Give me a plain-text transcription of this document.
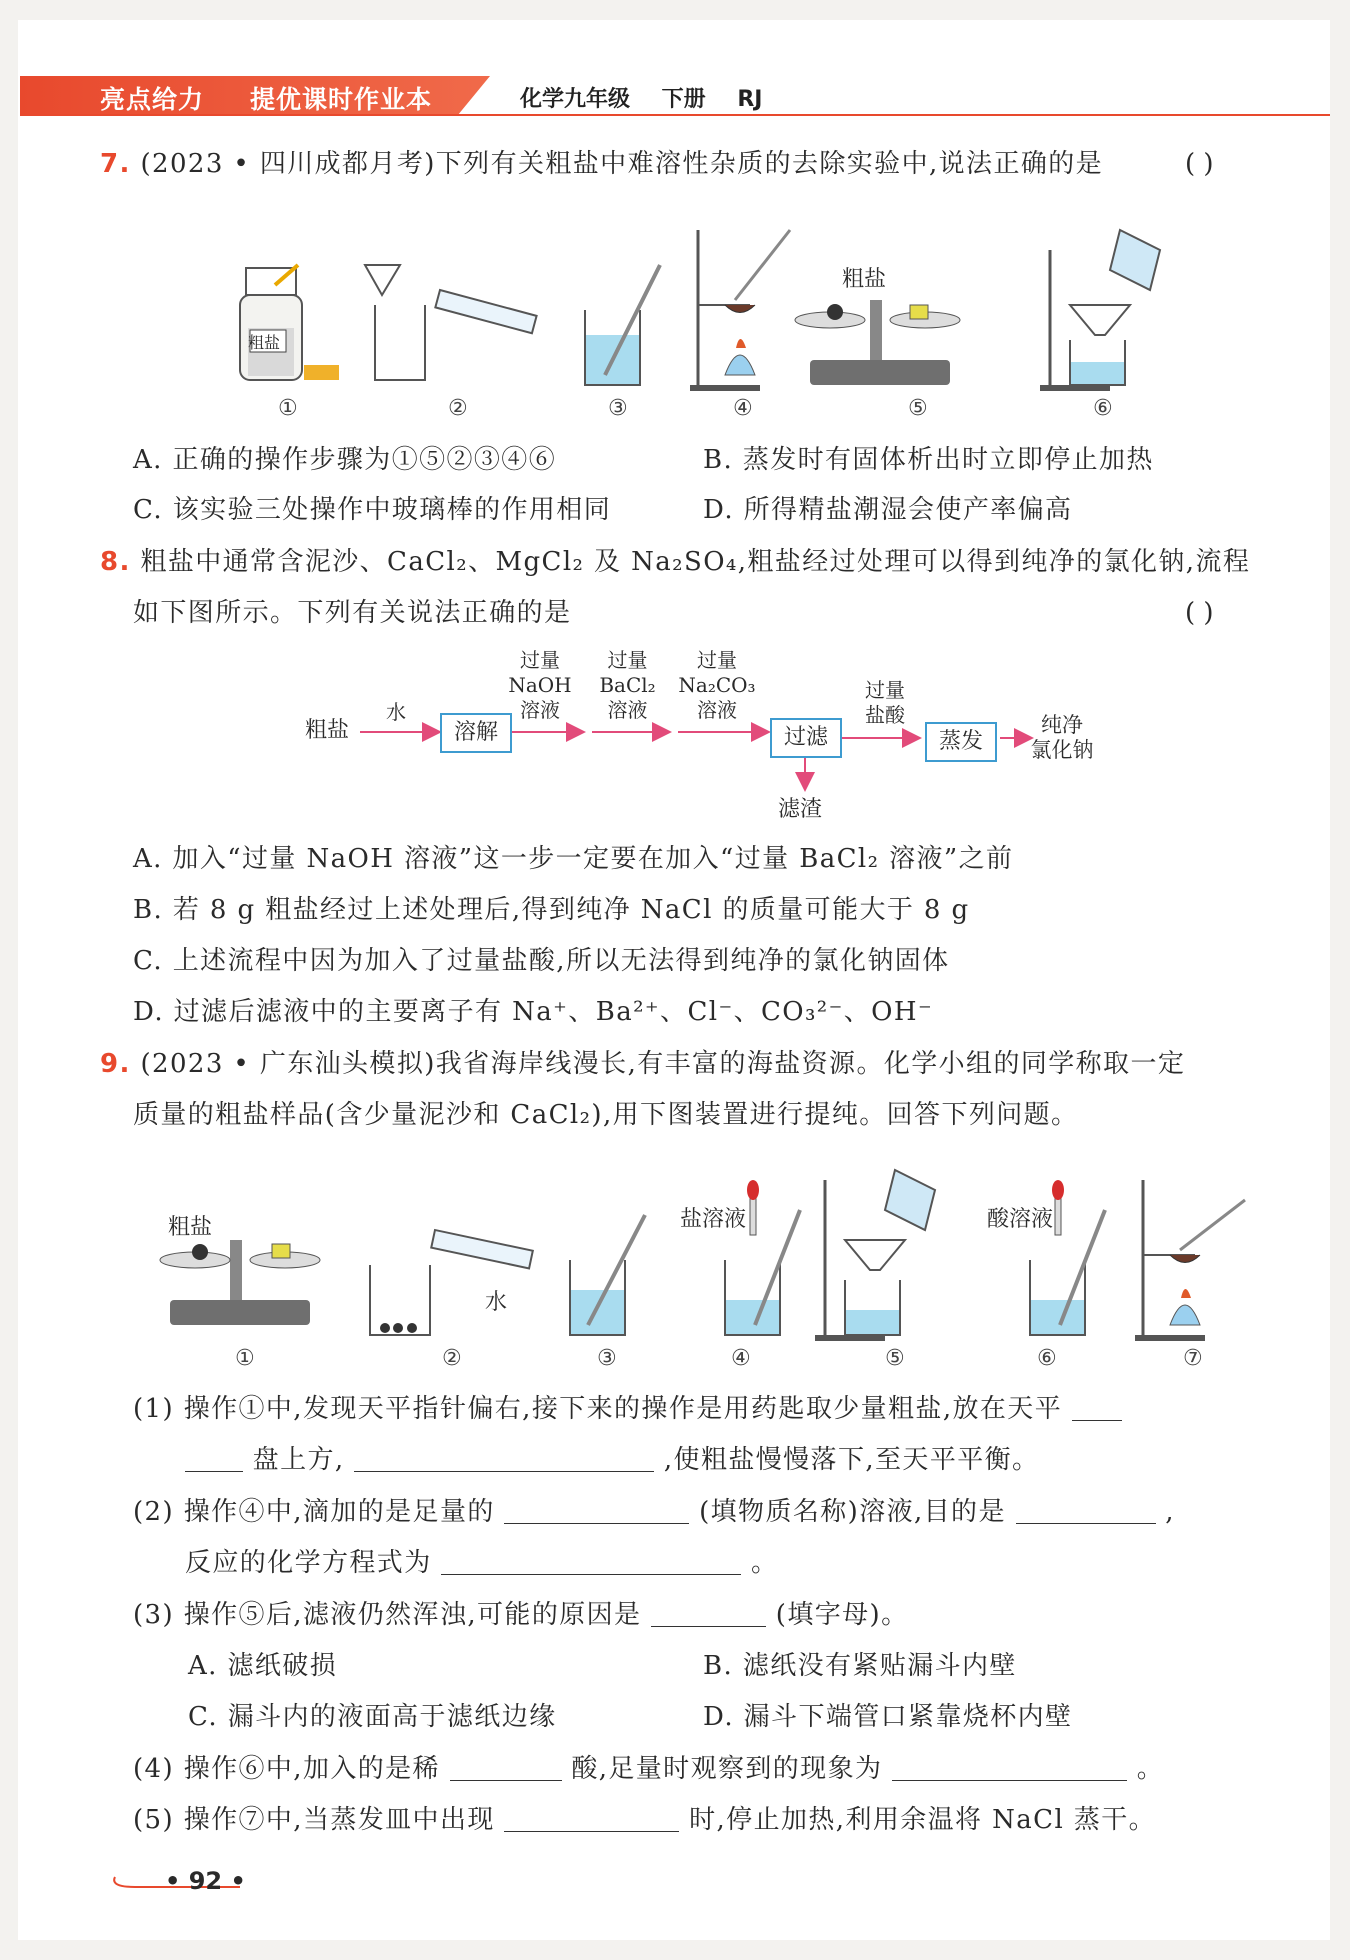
亮点给力 提优课时作业本	化学九年级 下册 RJ
7. (2023 • 四川成都月考)下列有关粗盐中难溶性杂质的去除实验中,说法正确的是	( )
粗盐
粗盐
①	②	③	④	⑤	⑥
A. 正确的操作步骤为①⑤②③④⑥	B. 蒸发时有固体析出时立即停止加热
C. 该实验三处操作中玻璃棒的作用相同	D. 所得精盐潮湿会使产率偏高
8. 粗盐中通常含泥沙、CaCl₂、MgCl₂ 及 Na₂SO₄,粗盐经过处理可以得到纯净的氯化钠,流程
如下图所示。下列有关说法正确的是	( )
粗盐
水
溶解
过量
NaOH
溶液
过量
BaCl₂
溶液
过量
Na₂CO₃
溶液
过滤
滤渣
过量
盐酸
蒸发
纯净
氯化钠
A. 加入“过量 NaOH 溶液”这一步一定要在加入“过量 BaCl₂ 溶液”之前
B. 若 8 g 粗盐经过上述处理后,得到纯净 NaCl 的质量可能大于 8 g
C. 上述流程中因为加入了过量盐酸,所以无法得到纯净的氯化钠固体
D. 过滤后滤液中的主要离子有 Na⁺、Ba²⁺、Cl⁻、CO₃²⁻、OH⁻
9. (2023 • 广东汕头模拟)我省海岸线漫长,有丰富的海盐资源。化学小组的同学称取一定
质量的粗盐样品(含少量泥沙和 CaCl₂),用下图装置进行提纯。回答下列问题。
粗盐
水
盐溶液	酸溶液
①	②	③	④	⑤	⑥	⑦
(1) 操作①中,发现天平指针偏右,接下来的操作是用药匙取少量粗盐,放在天平
盘上方,	,使粗盐慢慢落下,至天平平衡。
(2) 操作④中,滴加的是足量的	(填物质名称)溶液,目的是	,
反应的化学方程式为	。
(3) 操作⑤后,滤液仍然浑浊,可能的原因是	(填字母)。
A. 滤纸破损	B. 滤纸没有紧贴漏斗内壁
C. 漏斗内的液面高于滤纸边缘	D. 漏斗下端管口紧靠烧杯内壁
(4) 操作⑥中,加入的是稀	酸,足量时观察到的现象为	。
(5) 操作⑦中,当蒸发皿中出现	时,停止加热,利用余温将 NaCl 蒸干。
• 92 •
